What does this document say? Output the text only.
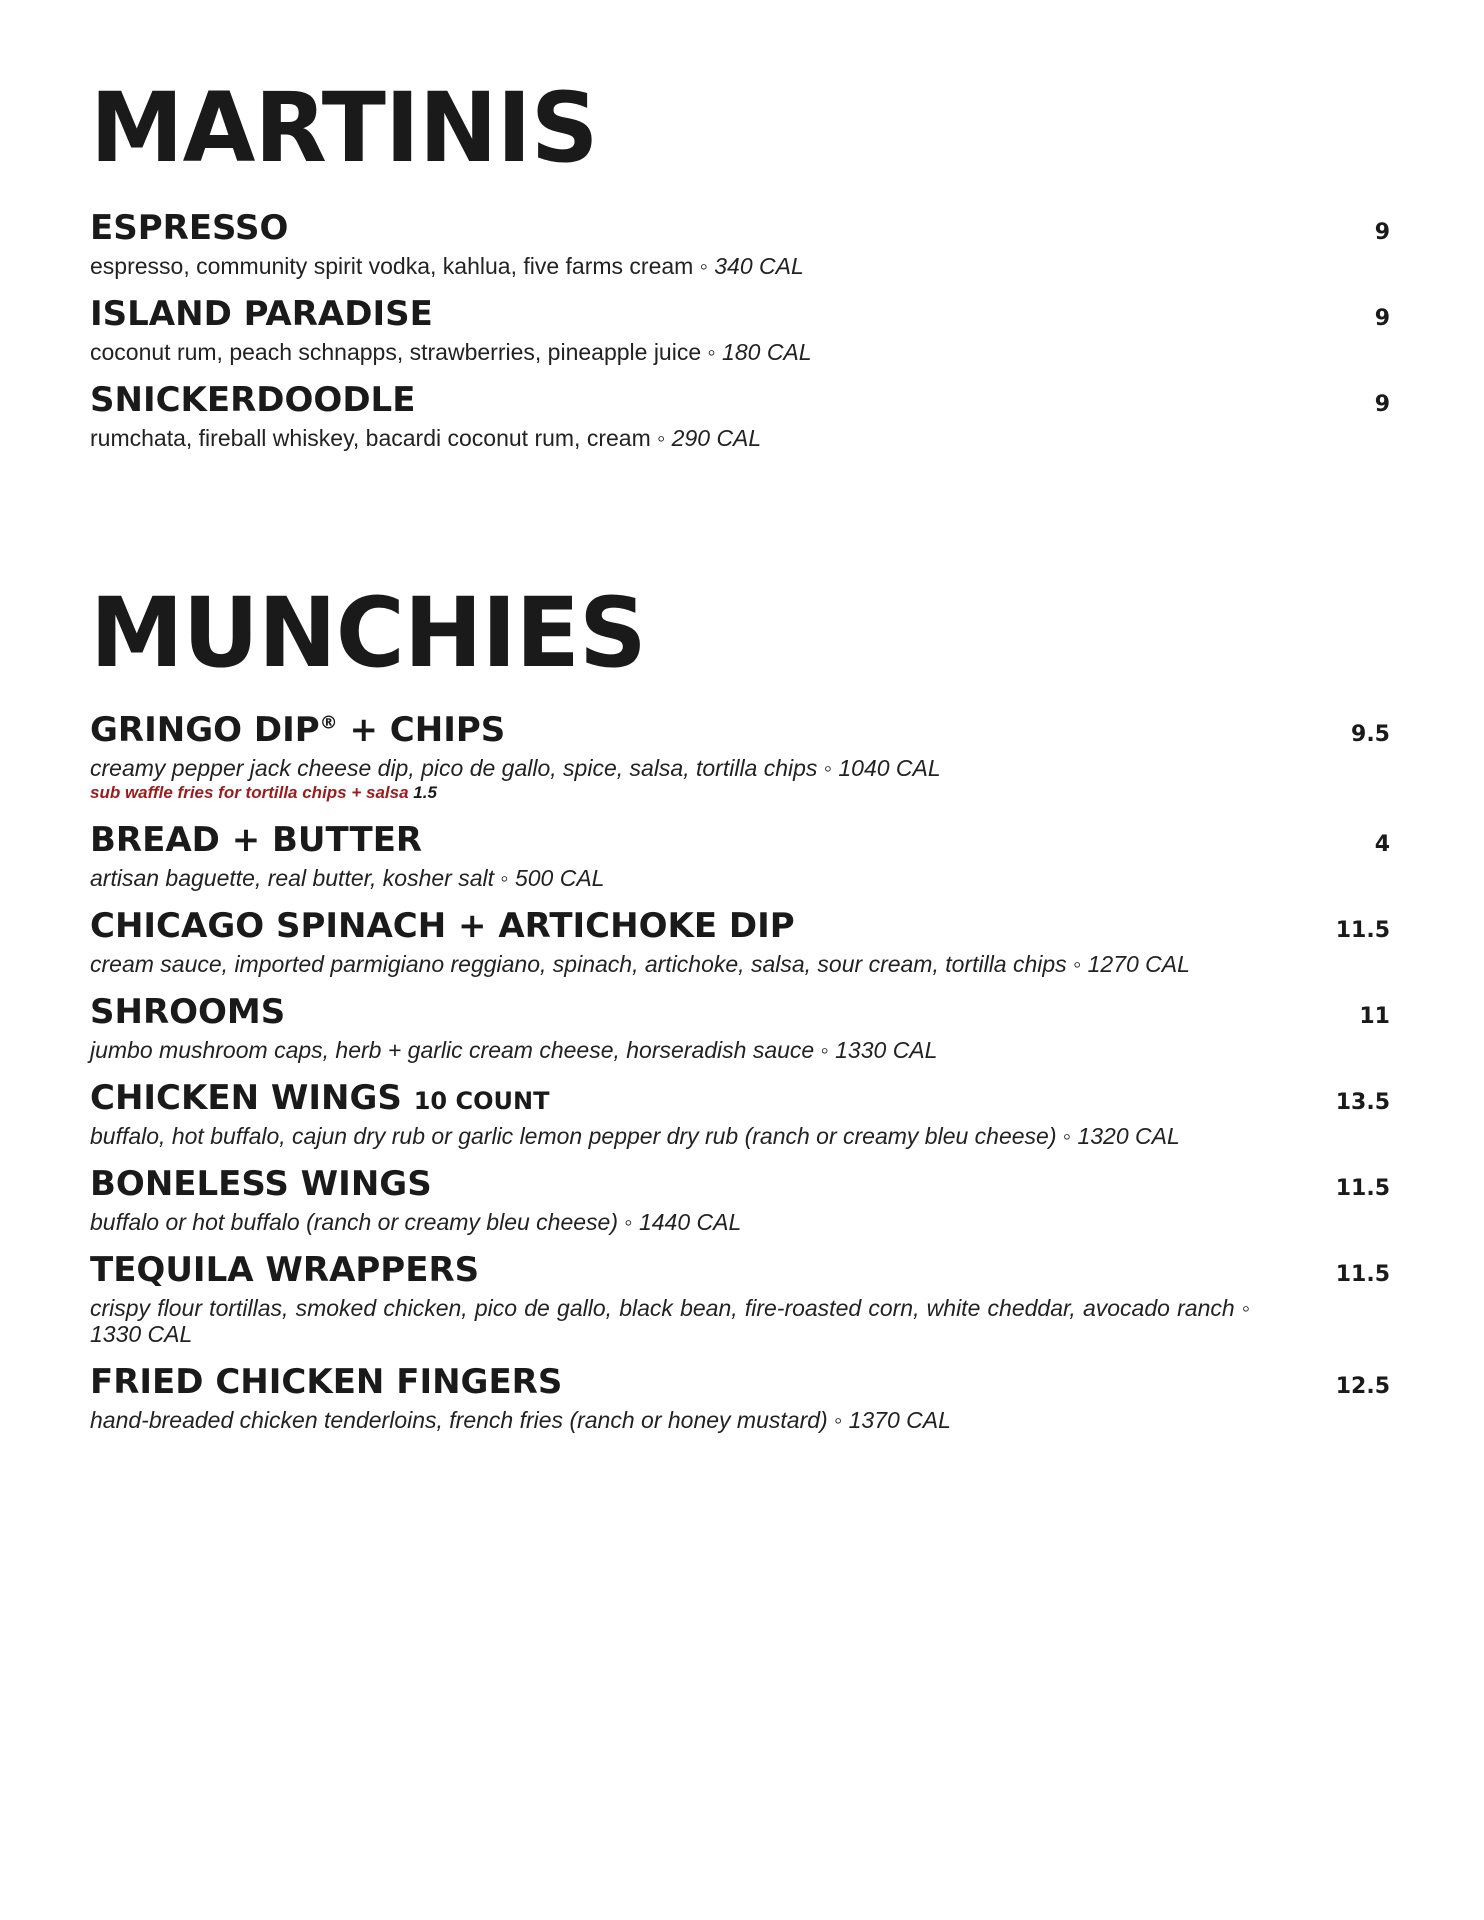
MARTINIS
ESPRESSO	9
espresso, community spirit vodka, kahlua, five farms cream ◦ 340 CAL
ISLAND PARADISE	9
coconut rum, peach schnapps, strawberries, pineapple juice ◦ 180 CAL
SNICKERDOODLE	9
rumchata, fireball whiskey, bacardi coconut rum, cream ◦ 290 CAL
MUNCHIES
GRINGO DIP® + CHIPS	9.5
creamy pepper jack cheese dip, pico de gallo, spice, salsa, tortilla chips ◦ 1040 CAL
sub waffle fries for tortilla chips + salsa 1.5
BREAD + BUTTER	4
artisan baguette, real butter, kosher salt ◦ 500 CAL
CHICAGO SPINACH + ARTICHOKE DIP	11.5
cream sauce, imported parmigiano reggiano, spinach, artichoke, salsa, sour cream, tortilla chips ◦ 1270 CAL
SHROOMS	11
jumbo mushroom caps, herb + garlic cream cheese, horseradish sauce ◦ 1330 CAL
CHICKEN WINGS 10 COUNT	13.5
buffalo, hot buffalo, cajun dry rub or garlic lemon pepper dry rub (ranch or creamy bleu cheese) ◦ 1320 CAL
BONELESS WINGS	11.5
buffalo or hot buffalo (ranch or creamy bleu cheese) ◦ 1440 CAL
TEQUILA WRAPPERS	11.5
crispy flour tortillas, smoked chicken, pico de gallo, black bean, fire-roasted corn, white cheddar, avocado ranch ◦ 1330 CAL
FRIED CHICKEN FINGERS	12.5
hand-breaded chicken tenderloins, french fries (ranch or honey mustard) ◦ 1370 CAL
